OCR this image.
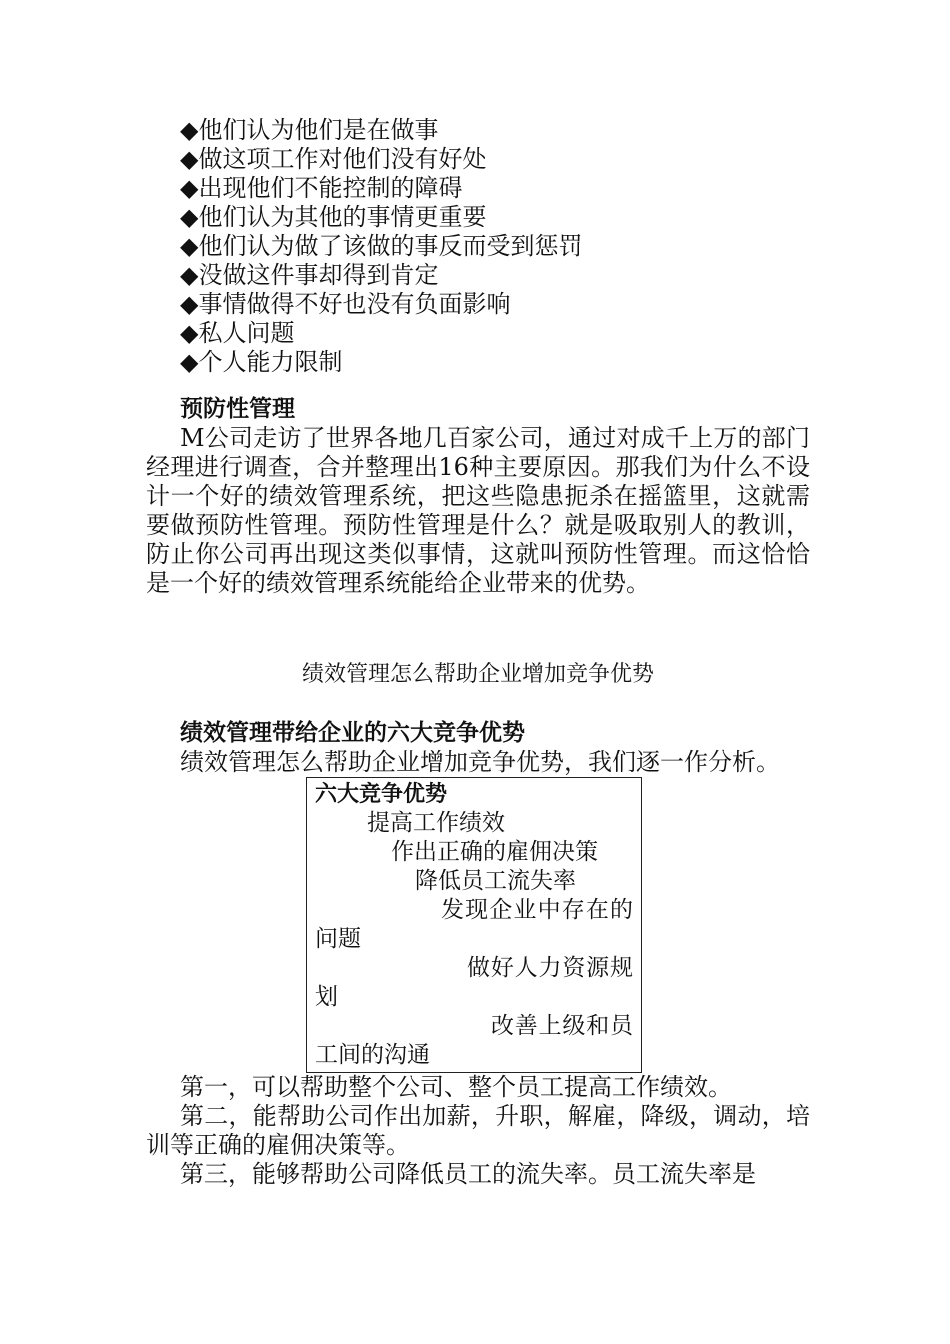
◆他们认为他们是在做事
◆做这项工作对他们没有好处
◆出现他们不能控制的障碍
◆他们认为其他的事情更重要
◆他们认为做了该做的事反而受到惩罚
◆没做这件事却得到肯定
◆事情做得不好也没有负面影响
◆私人问题
◆个人能力限制
预防性管理

M公司走访了世界各地几百家公司，通过对成千上万的部门经理进行调查，合并整理出16种主要原因。那我们为什么不设计一个好的绩效管理系统，把这些隐患扼杀在摇篮里，这就需要做预防性管理。预防性管理是什么？就是吸取别人的教训，防止你公司再出现这类似事情，这就叫预防性管理。而这恰恰是一个好的绩效管理系统能给企业带来的优势。

绩效管理怎么帮助企业增加竞争优势
绩效管理带给企业的六大竞争优势
绩效管理怎么帮助企业增加竞争优势，我们逐一作分析。
六大竞争优势
提高工作绩效
作出正确的雇佣决策
降低员工流失率
发现企业中存在的问题
做好人力资源规划
改善上级和员工间的沟通

第一，可以帮助整个公司、整个员工提高工作绩效。

第二，能帮助公司作出加薪，升职，解雇，降级，调动，培训等正确的雇佣决策等。

第三，能够帮助公司降低员工的流失率。员工流失率是
